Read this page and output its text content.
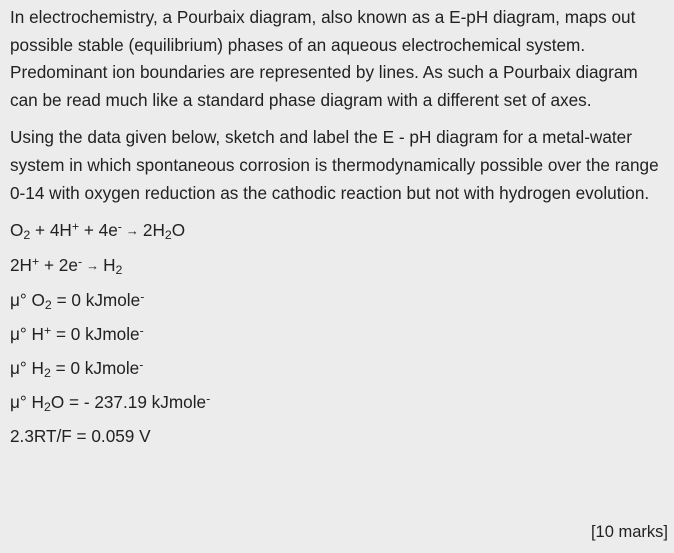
In electrochemistry, a Pourbaix diagram, also known as a E-pH diagram, maps out possible stable (equilibrium) phases of an aqueous electrochemical system. Predominant ion boundaries are represented by lines. As such a Pourbaix diagram can be read much like a standard phase diagram with a different set of axes.

Using the data given below, sketch and label the E - pH diagram for a metal-water system in which spontaneous corrosion is thermodynamically possible over the range 0-14 with oxygen reduction as the cathodic reaction but not with hydrogen evolution.

$O_2 + 4H^+ + 4e^- \to 2H_2O$

$2H^+ + 2e^- \to H_2$

μ° $O_2 = 0$ kJmole-

μ° H+ = 0 kJmole-

μ° $H_2 = 0$ kJmole-

μ° $H_2O$ = - 237.19 kJmole-

2.3RT/F = 0.059 V

[10 marks]
